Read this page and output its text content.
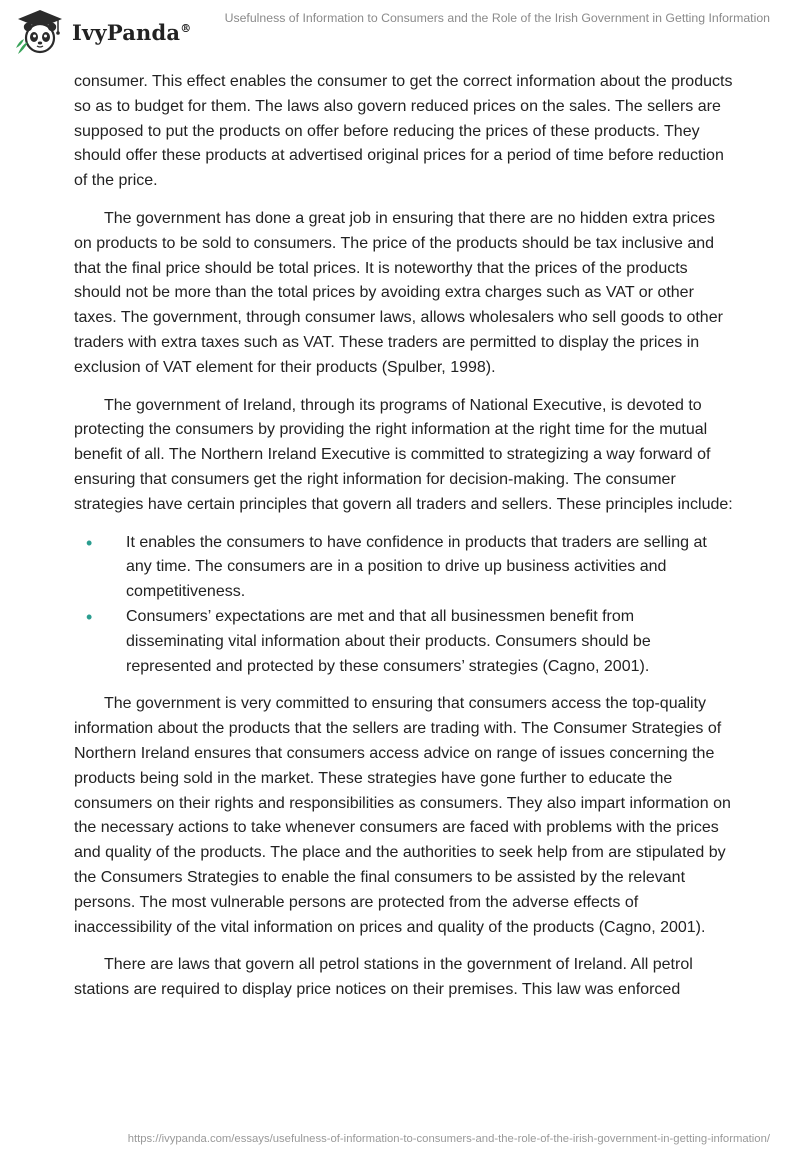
IvyPanda®
Usefulness of Information to Consumers and the Role of the Irish Government in Getting Information

consumer. This effect enables the consumer to get the correct information about the products so as to budget for them. The laws also govern reduced prices on the sales. The sellers are supposed to put the products on offer before reducing the prices of these products. They should offer these products at advertised original prices for a period of time before reduction of the price.

The government has done a great job in ensuring that there are no hidden extra prices on products to be sold to consumers. The price of the products should be tax inclusive and that the final price should be total prices. It is noteworthy that the prices of the products should not be more than the total prices by avoiding extra charges such as VAT or other taxes. The government, through consumer laws, allows wholesalers who sell goods to other traders with extra taxes such as VAT. These traders are permitted to display the prices in exclusion of VAT element for their products (Spulber, 1998).

The government of Ireland, through its programs of National Executive, is devoted to protecting the consumers by providing the right information at the right time for the mutual benefit of all. The Northern Ireland Executive is committed to strategizing a way forward of ensuring that consumers get the right information for decision-making. The consumer strategies have certain principles that govern all traders and sellers. These principles include:

• It enables the consumers to have confidence in products that traders are selling at any time. The consumers are in a position to drive up business activities and competitiveness.
• Consumers’ expectations are met and that all businessmen benefit from disseminating vital information about their products. Consumers should be represented and protected by these consumers’ strategies (Cagno, 2001).

The government is very committed to ensuring that consumers access the top-quality information about the products that the sellers are trading with. The Consumer Strategies of Northern Ireland ensures that consumers access advice on range of issues concerning the products being sold in the market. These strategies have gone further to educate the consumers on their rights and responsibilities as consumers. They also impart information on the necessary actions to take whenever consumers are faced with problems with the prices and quality of the products. The place and the authorities to seek help from are stipulated by the Consumers Strategies to enable the final consumers to be assisted by the relevant persons. The most vulnerable persons are protected from the adverse effects of inaccessibility of the vital information on prices and quality of the products (Cagno, 2001).

There are laws that govern all petrol stations in the government of Ireland. All petrol stations are required to display price notices on their premises. This law was enforced

https://ivypanda.com/essays/usefulness-of-information-to-consumers-and-the-role-of-the-irish-government-in-getting-information/
